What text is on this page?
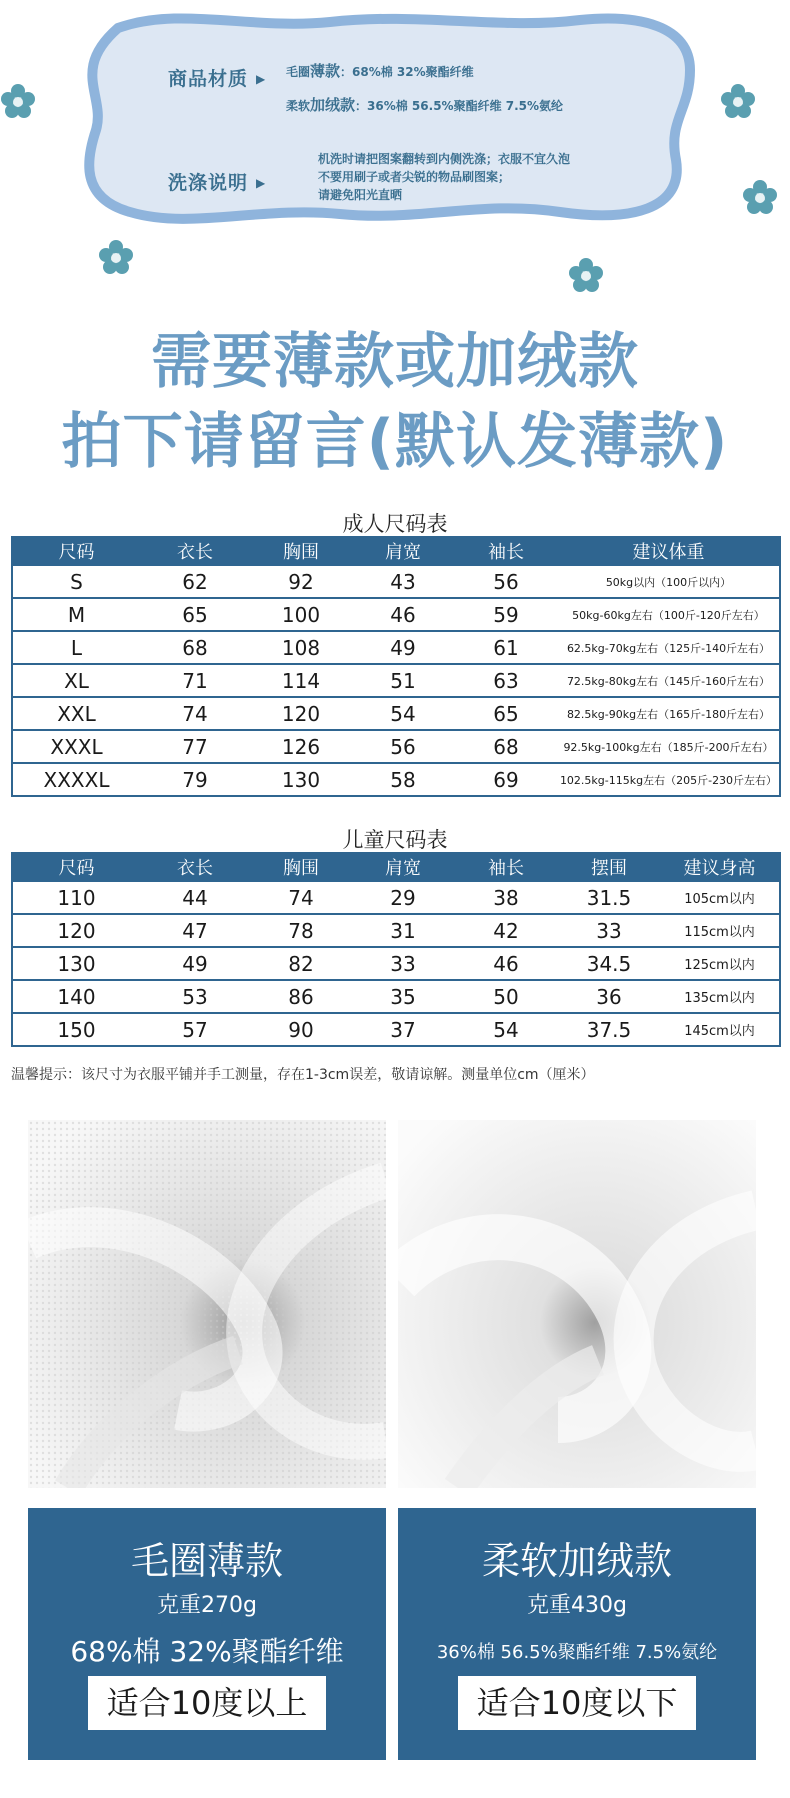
商品材质 ▶ 毛圈薄款：68%棉 32%聚酯纤维
柔软加绒款：36%棉 56.5%聚酯纤维 7.5%氨纶
洗涤说明 ▶
机洗时请把图案翻转到内侧洗涤；衣服不宜久泡
不要用刷子或者尖锐的物品刷图案；
请避免阳光直晒
需要薄款或加绒款
拍下请留言(默认发薄款)
成人尺码表
尺码	衣长	胸围	肩宽	袖长	建议体重
S	62	92	43	56	50kg以内（100斤以内）
M	65	100	46	59	50kg-60kg左右（100斤-120斤左右）
L	68	108	49	61	62.5kg-70kg左右（125斤-140斤左右）
XL	71	114	51	63	72.5kg-80kg左右（145斤-160斤左右）
XXL	74	120	54	65	82.5kg-90kg左右（165斤-180斤左右）
XXXL	77	126	56	68	92.5kg-100kg左右（185斤-200斤左右）
XXXXL	79	130	58	69	102.5kg-115kg左右（205斤-230斤左右）
儿童尺码表
尺码	衣长	胸围	肩宽	袖长	摆围	建议身高
110	44	74	29	38	31.5	105cm以内
120	47	78	31	42	33	115cm以内
130	49	82	33	46	34.5	125cm以内
140	53	86	35	50	36	135cm以内
150	57	90	37	54	37.5	145cm以内
温馨提示：该尺寸为衣服平铺并手工测量，存在1-3cm误差，敬请谅解。测量单位cm（厘米）
毛圈薄款
克重270g
68%棉 32%聚酯纤维
适合10度以上
柔软加绒款
克重430g
36%棉 56.5%聚酯纤维 7.5%氨纶
适合10度以下
